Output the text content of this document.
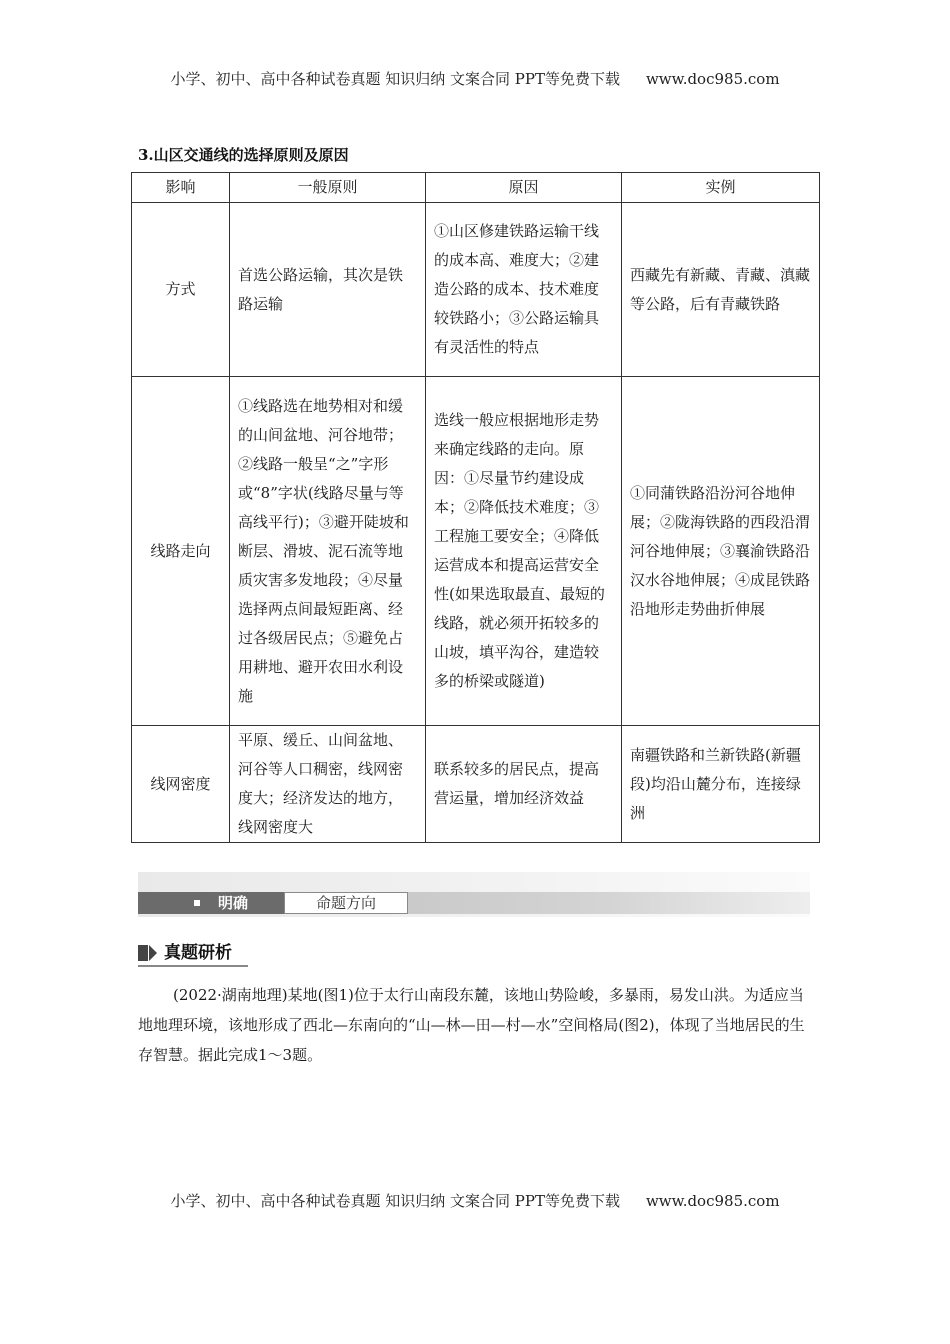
小学、初中、高中各种试卷真题 知识归纳 文案合同 PPT等免费下载 www.doc985.com
3.山区交通线的选择原则及原因
影响	一般原则	原因	实例
方式	首选公路运输，其次是铁路运输	①山区修建铁路运输干线的成本高、难度大；②建造公路的成本、技术难度较铁路小；③公路运输具有灵活性的特点	西藏先有新藏、青藏、滇藏等公路，后有青藏铁路
线路走向	①线路选在地势相对和缓的山间盆地、河谷地带；②线路一般呈“之”字形或“8”字状(线路尽量与等高线平行)；③避开陡坡和断层、滑坡、泥石流等地质灾害多发地段；④尽量选择两点间最短距离、经过各级居民点；⑤避免占用耕地、避开农田水利设施	选线一般应根据地形走势来确定线路的走向。原因：①尽量节约建设成本；②降低技术难度；③工程施工要安全；④降低运营成本和提高运营安全性(如果选取最直、最短的线路，就必须开拓较多的山坡，填平沟谷，建造较多的桥梁或隧道)	①同蒲铁路沿汾河谷地伸展；②陇海铁路的西段沿渭河谷地伸展；③襄渝铁路沿汉水谷地伸展；④成昆铁路沿地形走势曲折伸展
线网密度	平原、缓丘、山间盆地、河谷等人口稠密，线网密度大；经济发达的地方，线网密度大	联系较多的居民点，提高营运量，增加经济效益	南疆铁路和兰新铁路(新疆段)均沿山麓分布，连接绿洲
明确	命题方向
真题研析
(2022·湖南地理)某地(图1)位于太行山南段东麓，该地山势险峻，多暴雨，易发山洪。为适应当地地理环境，该地形成了西北—东南向的“山—林—田—村—水”空间格局(图2)，体现了当地居民的生存智慧。据此完成1～3题。
小学、初中、高中各种试卷真题 知识归纳 文案合同 PPT等免费下载 www.doc985.com
